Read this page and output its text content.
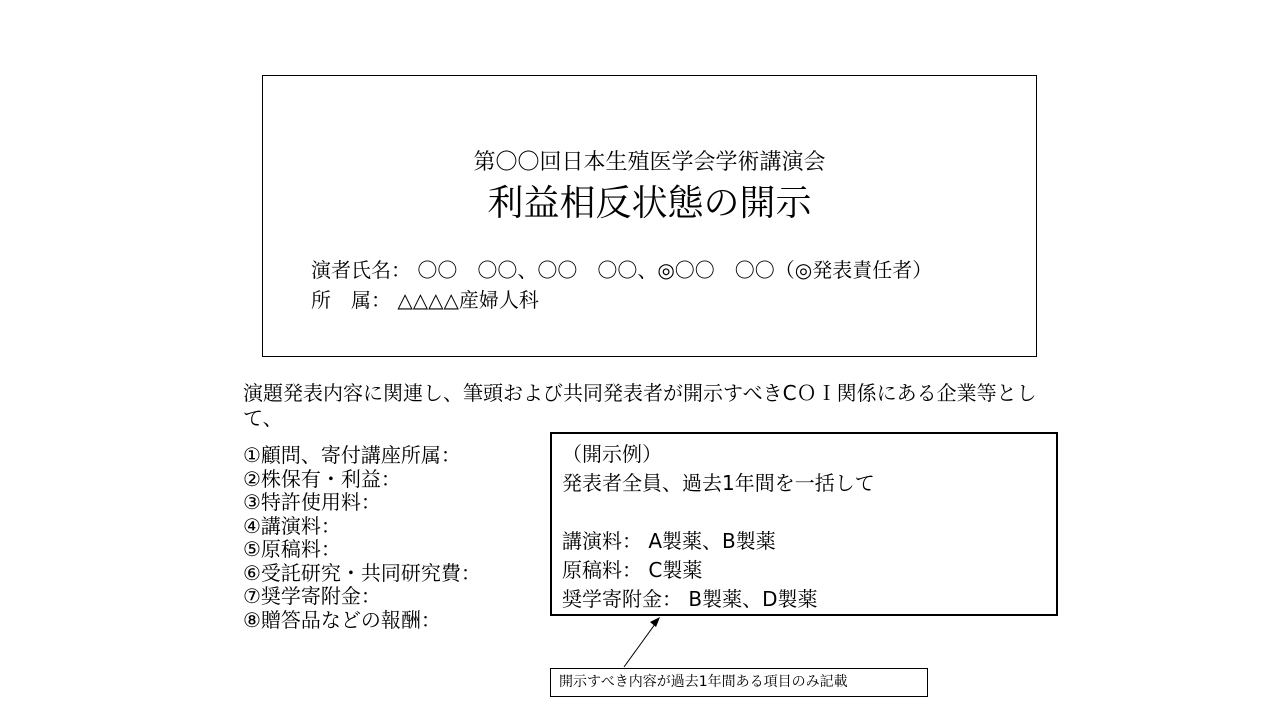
第〇〇回日本生殖医学会学術講演会
利益相反状態の開示
演者氏名： 〇〇　〇〇、〇〇　〇〇、◎〇〇　〇〇（◎発表責任者）
所　属： △△△△産婦人科
演題発表内容に関連し、筆頭および共同発表者が開示すべきCＯＩ関係にある企業等として、
①顧問、寄付講座所属：
②株保有・利益：
③特許使用料：
④講演料：
⑤原稿料：
⑥受託研究・共同研究費：
⑦奨学寄附金：
⑧贈答品などの報酬：
（開示例）
発表者全員、過去1年間を一括して
講演料： A製薬、B製薬
原稿料： C製薬
奨学寄附金： B製薬、D製薬
開示すべき内容が過去1年間ある項目のみ記載
